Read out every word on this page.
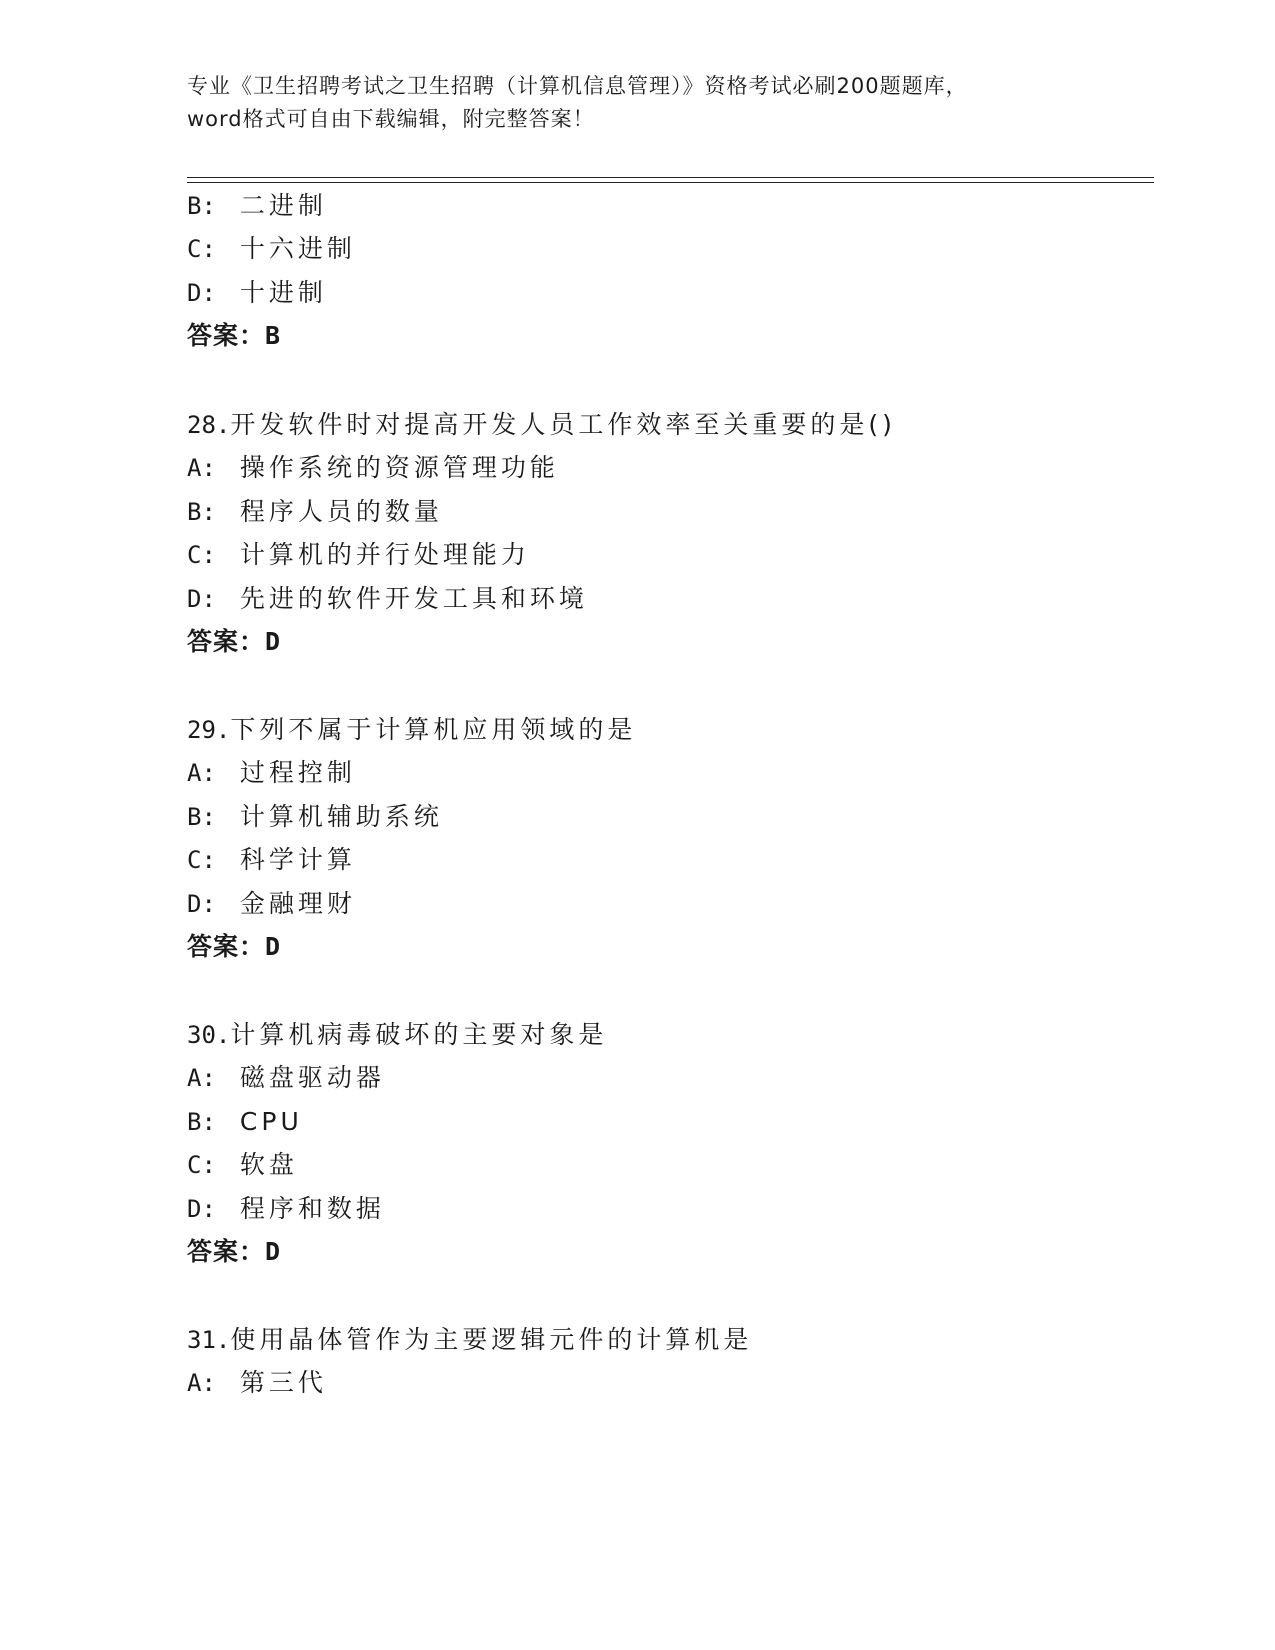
专业《卫生招聘考试之卫生招聘（计算机信息管理）》资格考试必刷200题题库，
word格式可自由下载编辑，附完整答案！
B: 二进制
C: 十六进制
D: 十进制
答案：B
28.开发软件时对提高开发人员工作效率至关重要的是()
A: 操作系统的资源管理功能
B: 程序人员的数量
C: 计算机的并行处理能力
D: 先进的软件开发工具和环境
答案：D
29.下列不属于计算机应用领域的是
A: 过程控制
B: 计算机辅助系统
C: 科学计算
D: 金融理财
答案：D
30.计算机病毒破坏的主要对象是
A: 磁盘驱动器
B: CPU
C: 软盘
D: 程序和数据
答案：D
31.使用晶体管作为主要逻辑元件的计算机是
A: 第三代
